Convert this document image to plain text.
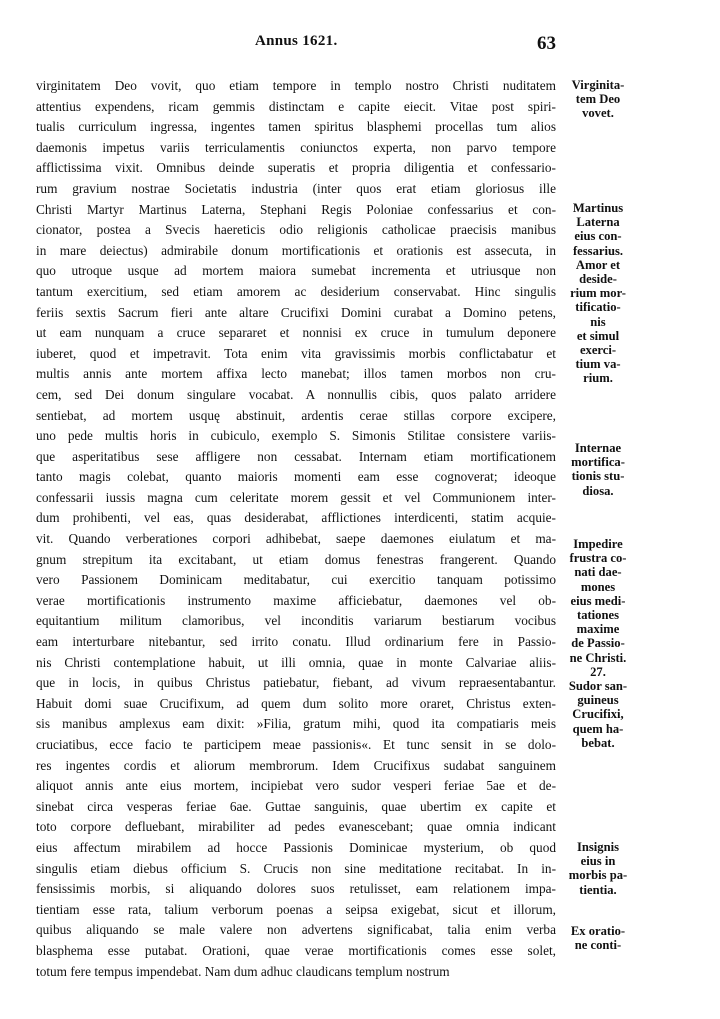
Annus 1621.	63
virginitatem Deo vovit, quo etiam tempore in templo nostro Christi nuditatem
attentius expendens, ricam gemmis distinctam e capite eiecit. Vitae post spiri-
tualis curriculum ingressa, ingentes tamen spiritus blasphemi procellas tum alios
daemonis impetus variis terriculamentis coniunctos experta, non parvo tempore
afflictissima vixit. Omnibus deinde superatis et propria diligentia et confessario-
rum gravium nostrae Societatis industria (inter quos erat etiam gloriosus ille
Christi Martyr Martinus Laterna, Stephani Regis Poloniae confessarius et con-
cionator, postea a Svecis haereticis odio religionis catholicae praecisis manibus
in mare deiectus) admirabile donum mortificationis et orationis est assecuta, in
quo utroque usque ad mortem maiora sumebat incrementa et utriusque non
tantum exercitium, sed etiam amorem ac desiderium conservabat. Hinc singulis
feriis sextis Sacrum fieri ante altare Crucifixi Domini curabat a Domino petens,
ut eam nunquam a cruce separaret et nonnisi ex cruce in tumulum deponere
iuberet, quod et impetravit. Tota enim vita gravissimis morbis conflictabatur et
multis annis ante mortem affixa lecto manebat; illos tamen morbos non cru-
cem, sed Dei donum singulare vocabat. A nonnullis cibis, quos palato arridere
sentiebat, ad mortem usquę abstinuit, ardentis cerae stillas corpore excipere,
uno pede multis horis in cubiculo, exemplo S. Simonis Stilitae consistere variis-
que asperitatibus sese affligere non cessabat. Internam etiam mortificationem
tanto magis colebat, quanto maioris momenti eam esse cognoverat; ideoque
confessarii iussis magna cum celeritate morem gessit et vel Communionem inter-
dum prohibenti, vel eas, quas desiderabat, afflictiones interdicenti, statim acquie-
vit. Quando verberationes corpori adhibebat, saepe daemones eiulatum et ma-
gnum strepitum ita excitabant, ut etiam domus fenestras frangerent. Quando
vero Passionem Dominicam meditabatur, cui exercitio tanquam potissimo
verae mortificationis instrumento maxime afficiebatur, daemones vel ob-
equitantium militum clamoribus, vel inconditis variarum bestiarum vocibus
eam interturbare nitebantur, sed irrito conatu. Illud ordinarium fere in Passio-
nis Christi contemplatione habuit, ut illi omnia, quae in monte Calvariae aliis-
que in locis, in quibus Christus patiebatur, fiebant, ad vivum repraesentabantur.
Habuit domi suae Crucifixum, ad quem dum solito more oraret, Christus exten-
sis manibus amplexus eam dixit: »Filia, gratum mihi, quod ita compatiaris meis
cruciatibus, ecce facio te participem meae passionis«. Et tunc sensit in se dolo-
res ingentes cordis et aliorum membrorum. Idem Crucifixus sudabat sanguinem
aliquot annis ante eius mortem, incipiebat vero sudor vesperi feriae 5ae et de-
sinebat circa vesperas feriae 6ae. Guttae sanguinis, quae ubertim ex capite et
toto corpore defluebant, mirabiliter ad pedes evanescebant; quae omnia indicant
eius affectum mirabilem ad hocce Passionis Dominicae mysterium, ob quod
singulis etiam diebus officium S. Crucis non sine meditatione recitabat. In in-
fensissimis morbis, si aliquando dolores suos retulisset, eam relationem impa-
tientiam esse rata, talium verborum poenas a seipsa exigebat, sicut et illorum,
quibus aliquando se male valere non advertens significabat, talia enim verba
blasphema esse putabat. Orationi, quae verae mortificationis comes esse solet,
totum fere tempus impendebat. Nam dum adhuc claudicans templum nostrum
Virginita-
tem Deo
vovet.
Martinus
Laterna
eius con-
fessarius.
Amor et
deside-
rium mor-
tificatio-
nis
et simul
exerci-
tium va-
rium.
Internae
mortifica-
tionis stu-
diosa.
Impedire
frustra co-
nati dae-
mones
eius medi-
tationes
maxime
de Passio-
ne Christi.
27.
Sudor san-
guineus
Crucifixi,
quem ha-
bebat.
Insignis
eius in
morbis pa-
tientia.
Ex oratio-
ne conti-
